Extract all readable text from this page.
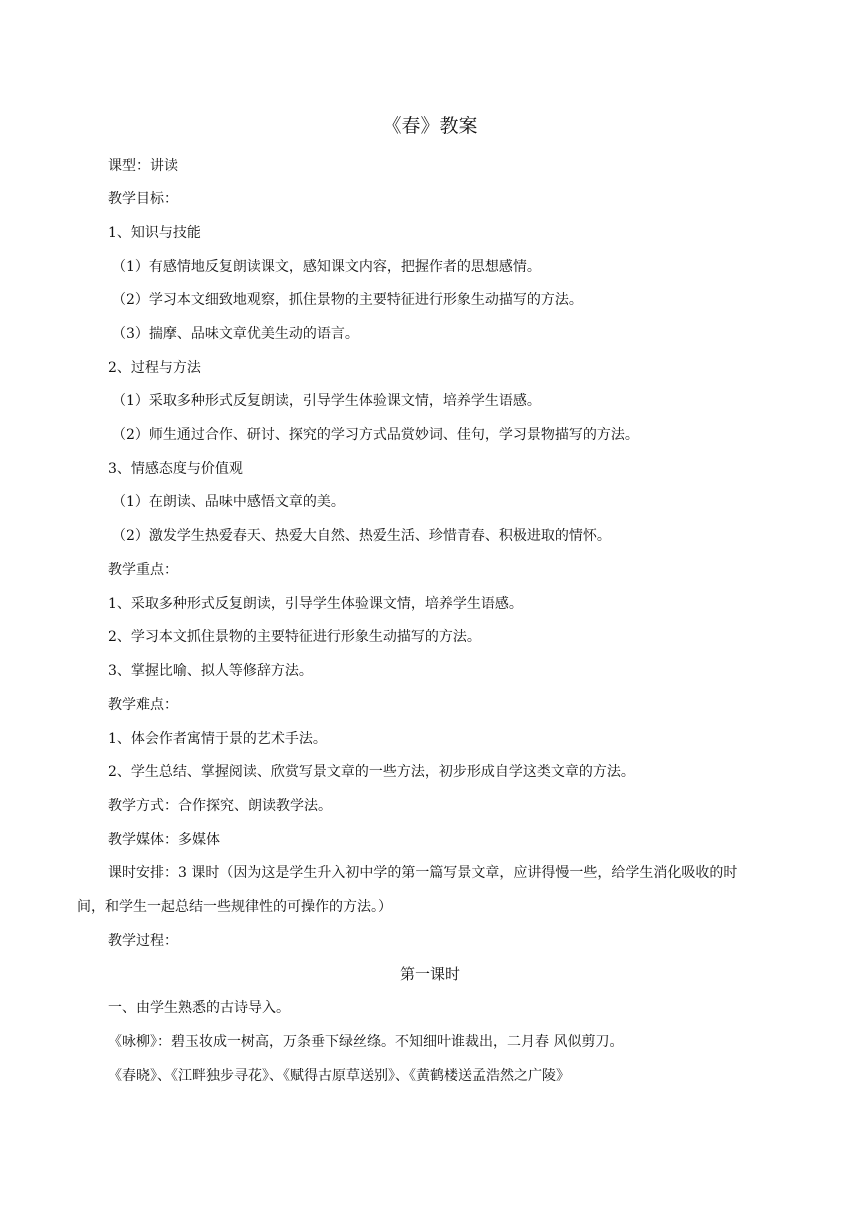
《春》教案
课型：讲读
教学目标：
1、知识与技能
（1）有感情地反复朗读课文，感知课文内容，把握作者的思想感情。
（2）学习本文细致地观察，抓住景物的主要特征进行形象生动描写的方法。
（3）揣摩、品味文章优美生动的语言。
2、过程与方法
（1）采取多种形式反复朗读，引导学生体验课文情，培养学生语感。
（2）师生通过合作、研讨、探究的学习方式品赏妙词、佳句，学习景物描写的方法。
3、情感态度与价值观
（1）在朗读、品味中感悟文章的美。
（2）激发学生热爱春天、热爱大自然、热爱生活、珍惜青春、积极进取的情怀。
教学重点：
1、采取多种形式反复朗读，引导学生体验课文情，培养学生语感。
2、学习本文抓住景物的主要特征进行形象生动描写的方法。
3、掌握比喻、拟人等修辞方法。
教学难点：
1、体会作者寓情于景的艺术手法。
2、学生总结、掌握阅读、欣赏写景文章的一些方法，初步形成自学这类文章的方法。
教学方式：合作探究、朗读教学法。
教学媒体：多媒体
课时安排：3 课时（因为这是学生升入初中学的第一篇写景文章，应讲得慢一些，给学生消化吸收的时
间，和学生一起总结一些规律性的可操作的方法。）
教学过程：
第一课时
一、由学生熟悉的古诗导入。
《咏柳》：碧玉妆成一树高，万条垂下绿丝绦。不知细叶谁裁出，二月春 风似剪刀。
《春晓》、《江畔独步寻花》、《赋得古原草送别》、《黄鹤楼送孟浩然之广陵》
